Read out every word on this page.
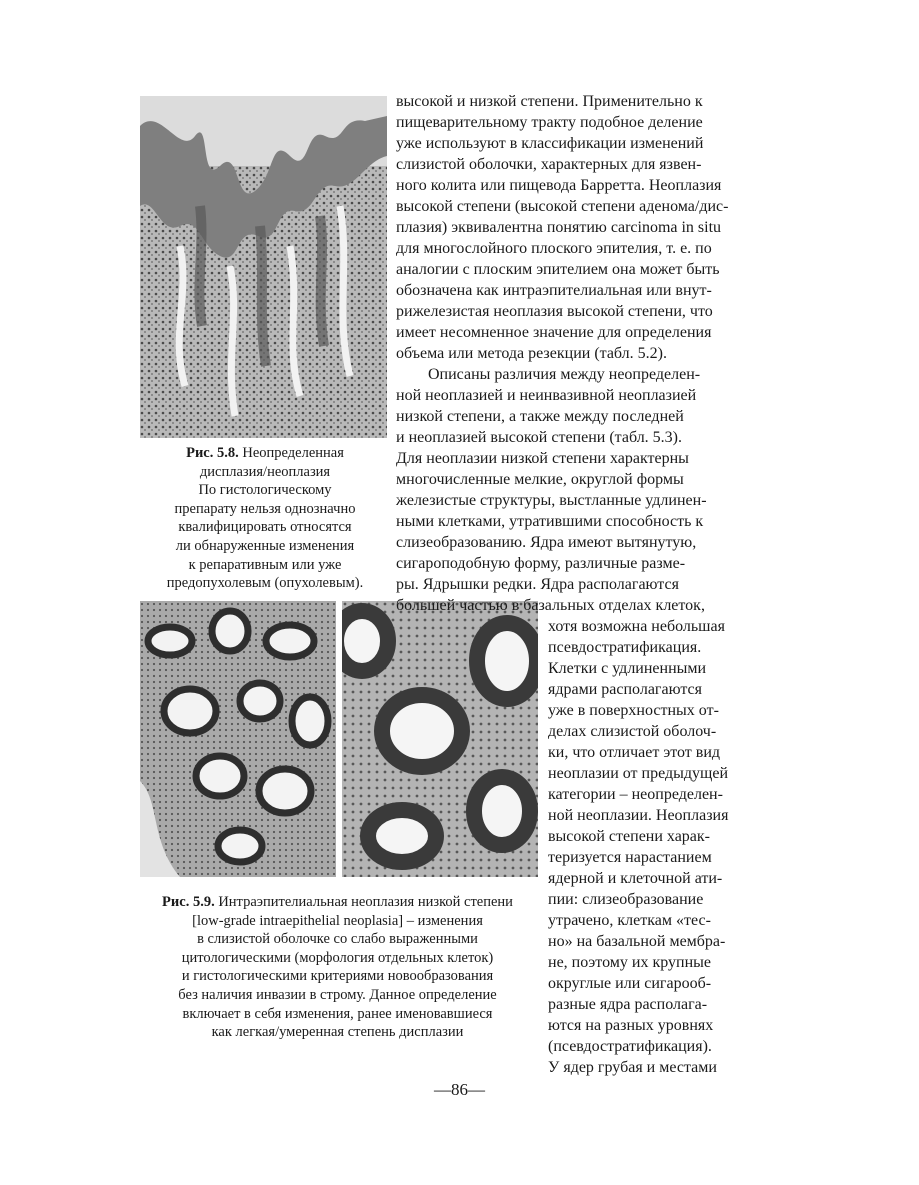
Рис. 5.8. Неопределенная
дисплазия/неоплазия
По гистологическому
препарату нельзя однозначно
квалифицировать относятся
ли обнаруженные изменения
к репаративным или уже
предопухолевым (опухолевым).
Рис. 5.9. Интраэпителиальная неоплазия низкой степени
[low-grade intraepithelial neoplasia] – изменения
в слизистой оболочке со слабо выраженными
цитологическими (морфология отдельных клеток)
и гистологическими критериями новообразования
без наличия инвазии в строму. Данное определение
включает в себя изменения, ранее именовавшиеся
как легкая/умеренная степень дисплазии
высокой и низкой степени. Применительно к
пищеварительному тракту подобное деление
уже используют в классификации изменений
слизистой оболочки, характерных для язвен-
ного колита или пищевода Барретта. Неоплазия
высокой степени (высокой степени аденома/дис-
плазия) эквивалентна понятию carcinoma in situ
для многослойного плоского эпителия, т. е. по
аналогии с плоским эпителием она может быть
обозначена как интраэпителиальная или внут-
рижелезистая неоплазия высокой степени, что
имеет несомненное значение для определения
объема или метода резекции (табл. 5.2).
Описаны различия между неопределен-
ной неоплазией и неинвазивной неоплазией
низкой степени, а также между последней
и неоплазией высокой степени (табл. 5.3).
Для неоплазии низкой степени характерны
многочисленные мелкие, округлой формы
железистые структуры, выстланные удлинен-
ными клетками, утратившими способность к
слизеобразованию. Ядра имеют вытянутую,
сигароподобную форму, различные разме-
ры. Ядрышки редки. Ядра располагаются
большей частью в базальных отделах клеток,
хотя возможна небольшая
псевдостратификация.
Клетки с удлиненными
ядрами располагаются
уже в поверхностных от-
делах слизистой оболоч-
ки, что отличает этот вид
неоплазии от предыдущей
категории – неопределен-
ной неоплазии. Неоплазия
высокой степени харак-
теризуется нарастанием
ядерной и клеточной ати-
пии: слизеобразование
утрачено, клеткам «тес-
но» на базальной мембра-
не, поэтому их крупные
округлые или сигарооб-
разные ядра располага-
ются на разных уровнях
(псевдостратификация).
У ядер грубая и местами
—86—
